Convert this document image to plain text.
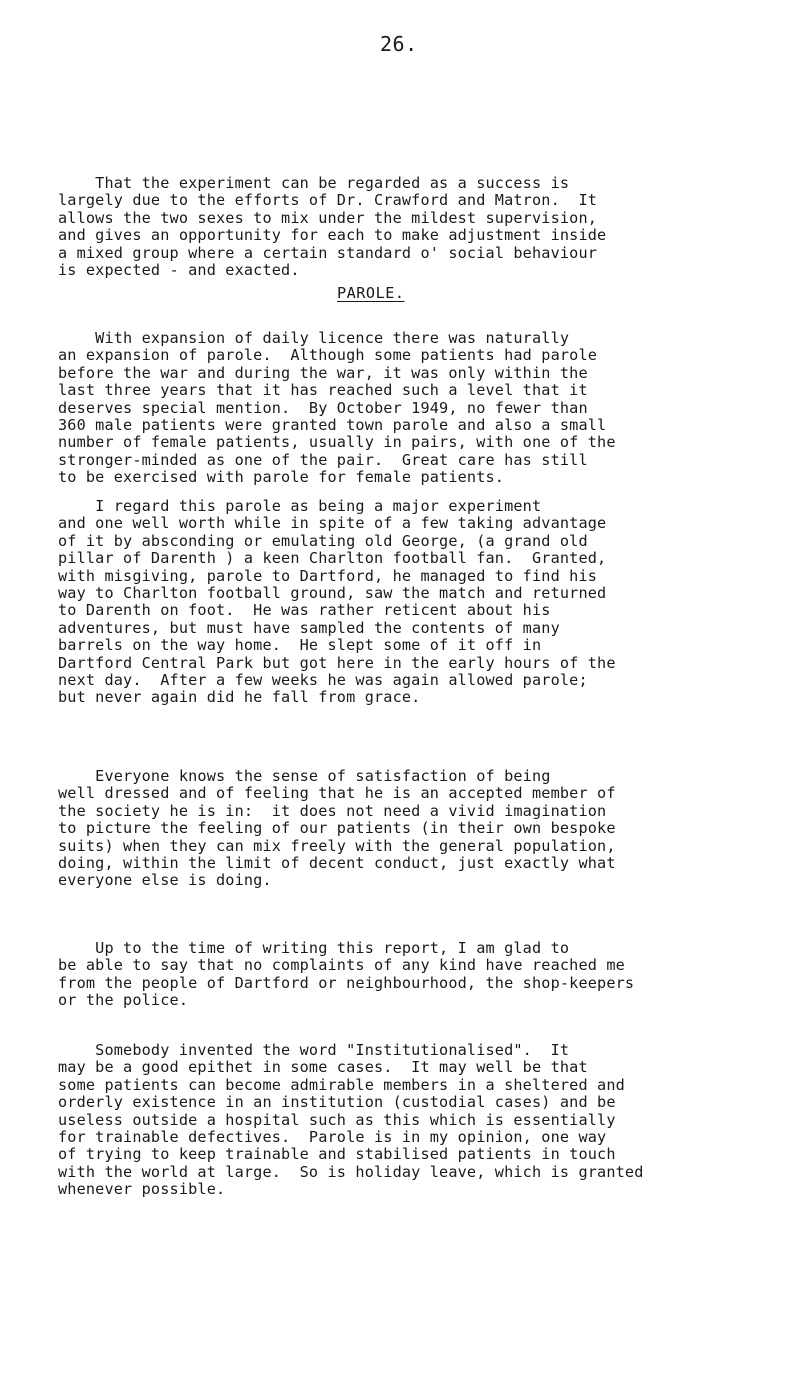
26.

That the experiment can be regarded as a success is
largely due to the efforts of Dr. Crawford and Matron.  It
allows the two sexes to mix under the mildest supervision,
and gives an opportunity for each to make adjustment inside
a mixed group where a certain standard o' social behaviour
is expected - and exacted.

PAROLE.

With expansion of daily licence there was naturally
an expansion of parole.  Although some patients had parole
before the war and during the war, it was only within the
last three years that it has reached such a level that it
deserves special mention.  By October 1949, no fewer than
360 male patients were granted town parole and also a small
number of female patients, usually in pairs, with one of the
stronger-minded as one of the pair.  Great care has still
to be exercised with parole for female patients.

I regard this parole as being a major experiment
and one well worth while in spite of a few taking advantage
of it by absconding or emulating old George, (a grand old
pillar of Darenth ) a keen Charlton football fan.  Granted,
with misgiving, parole to Dartford, he managed to find his
way to Charlton football ground, saw the match and returned
to Darenth on foot.  He was rather reticent about his
adventures, but must have sampled the contents of many
barrels on the way home.  He slept some of it off in
Dartford Central Park but got here in the early hours of the
next day.  After a few weeks he was again allowed parole;
but never again did he fall from grace.

Everyone knows the sense of satisfaction of being
well dressed and of feeling that he is an accepted member of
the society he is in:  it does not need a vivid imagination
to picture the feeling of our patients (in their own bespoke
suits) when they can mix freely with the general population,
doing, within the limit of decent conduct, just exactly what
everyone else is doing.

Up to the time of writing this report, I am glad to
be able to say that no complaints of any kind have reached me
from the people of Dartford or neighbourhood, the shop-keepers
or the police.

Somebody invented the word "Institutionalised".  It
may be a good epithet in some cases.  It may well be that
some patients can become admirable members in a sheltered and
orderly existence in an institution (custodial cases) and be
useless outside a hospital such as this which is essentially
for trainable defectives.  Parole is in my opinion, one way
of trying to keep trainable and stabilised patients in touch
with the world at large.  So is holiday leave, which is granted
whenever possible.
